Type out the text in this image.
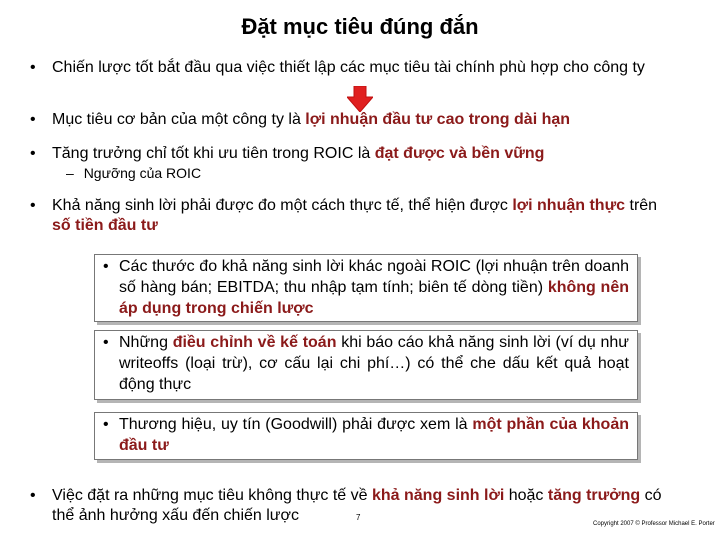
Đặt mục tiêu đúng đắn
•	Chiến lược tốt bắt đầu qua việc thiết lập các mục tiêu tài chính phù hợp cho công ty
•	Mục tiêu cơ bản của một công ty là lợi nhuận đầu tư cao trong dài hạn
•	Tăng trưởng chỉ tốt khi ưu tiên trong ROIC là đạt được và bền vững
– Ngưỡng của ROIC
•	Khả năng sinh lời phải được đo một cách thực tế, thể hiện được lợi nhuận thực trên số tiền đầu tư
• Các thước đo khả năng sinh lời khác ngoài ROIC (lợi nhuận trên doanh số hàng bán; EBITDA; thu nhập tạm tính; biên tế dòng tiền) không nên áp dụng trong chiến lược
• Những điều chỉnh về kế toán khi báo cáo khả năng sinh lời (ví dụ như writeoffs (loại trừ), cơ cấu lại chi phí…) có thể che dấu kết quả hoạt động thực
• Thương hiệu, uy tín (Goodwill) phải được xem là một phần của khoản đầu tư
•	Việc đặt ra những mục tiêu không thực tế về khả năng sinh lời hoặc tăng trưởng có thể ảnh hưởng xấu đến chiến lược	7
Copyright 2007 © Professor Michael E. Porter
